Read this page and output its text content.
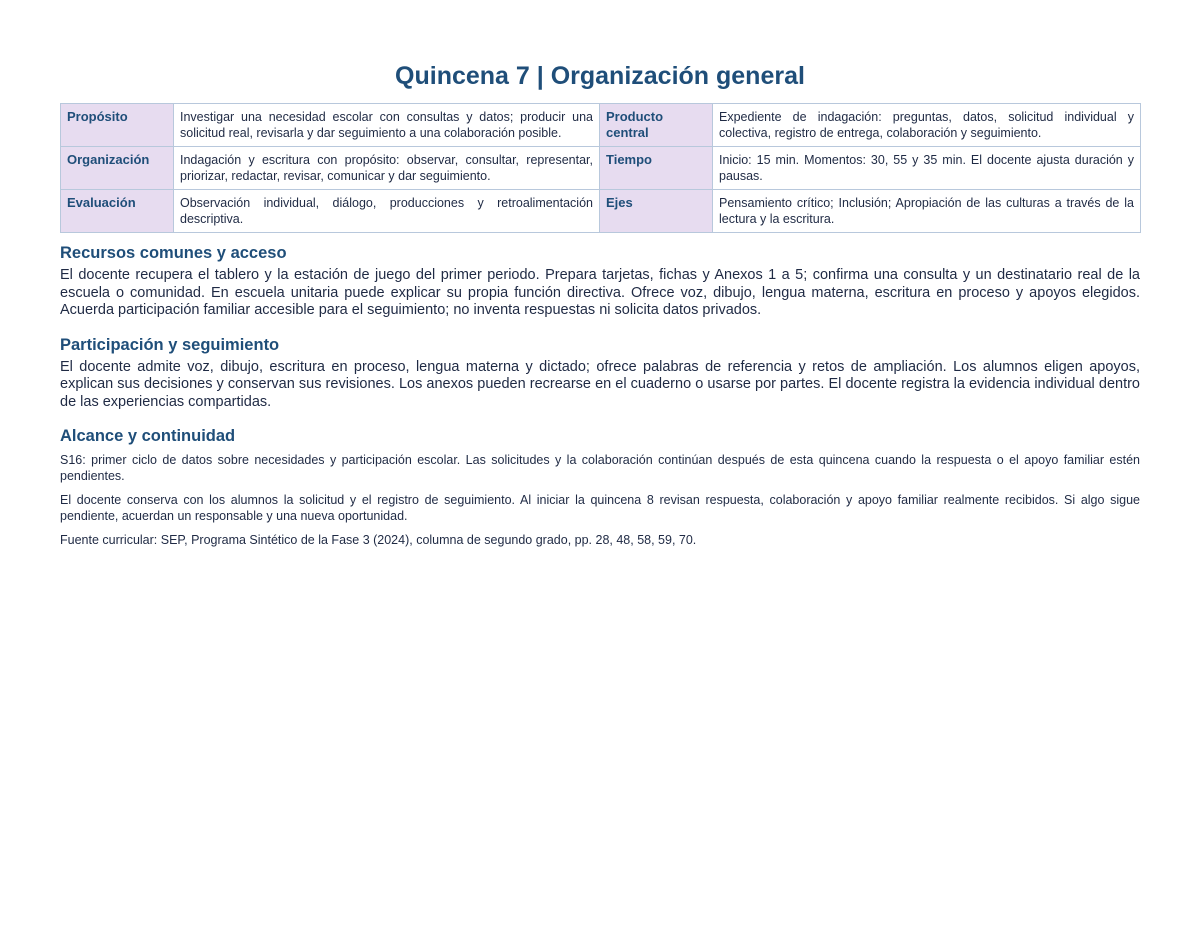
Quincena 7 | Organización general
Propósito	Investigar una necesidad escolar con consultas y datos; producir una solicitud real, revisarla y dar seguimiento a una colaboración posible.	Producto central	Expediente de indagación: preguntas, datos, solicitud individual y colectiva, registro de entrega, colaboración y seguimiento.
Organización	Indagación y escritura con propósito: observar, consultar, representar, priorizar, redactar, revisar, comunicar y dar seguimiento.	Tiempo	Inicio: 15 min. Momentos: 30, 55 y 35 min. El docente ajusta duración y pausas.
Evaluación	Observación individual, diálogo, producciones y retroalimentación descriptiva.	Ejes	Pensamiento crítico; Inclusión; Apropiación de las culturas a través de la lectura y la escritura.
Recursos comunes y acceso

El docente recupera el tablero y la estación de juego del primer periodo. Prepara tarjetas, fichas y Anexos 1 a 5; confirma una consulta y un destinatario real de la escuela o comunidad. En escuela unitaria puede explicar su propia función directiva. Ofrece voz, dibujo, lengua materna, escritura en proceso y apoyos elegidos. Acuerda participación familiar accesible para el seguimiento; no inventa respuestas ni solicita datos privados.

Participación y seguimiento

El docente admite voz, dibujo, escritura en proceso, lengua materna y dictado; ofrece palabras de referencia y retos de ampliación. Los alumnos eligen apoyos, explican sus decisiones y conservan sus revisiones. Los anexos pueden recrearse en el cuaderno o usarse por partes. El docente registra la evidencia individual dentro de las experiencias compartidas.

Alcance y continuidad

S16: primer ciclo de datos sobre necesidades y participación escolar. Las solicitudes y la colaboración continúan después de esta quincena cuando la respuesta o el apoyo familiar estén pendientes.

El docente conserva con los alumnos la solicitud y el registro de seguimiento. Al iniciar la quincena 8 revisan respuesta, colaboración y apoyo familiar realmente recibidos. Si algo sigue pendiente, acuerdan un responsable y una nueva oportunidad.

Fuente curricular: SEP, Programa Sintético de la Fase 3 (2024), columna de segundo grado, pp. 28, 48, 58, 59, 70.
